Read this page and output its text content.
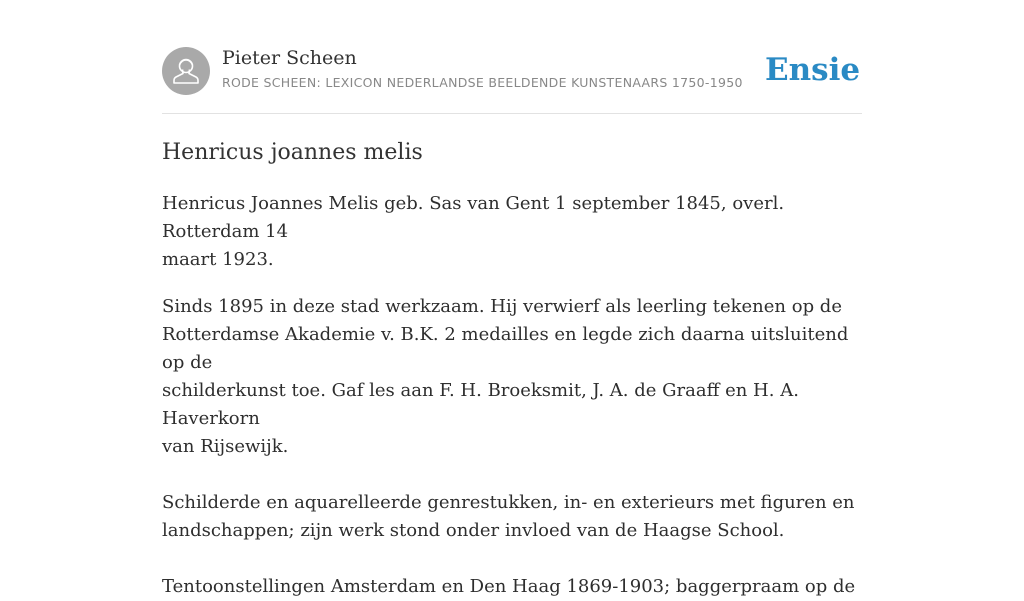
Pieter Scheen
RODE SCHEEN: LEXICON NEDERLANDSE BEELDENDE KUNSTENAARS 1750-1950 Ensie
Henricus joannes melis

Henricus Joannes Melis geb. Sas van Gent 1 september 1845, overl. Rotterdam 14
maart 1923.

Sinds 1895 in deze stad werkzaam. Hij verwierf als leerling tekenen op de
Rotterdamse Akademie v. B.K. 2 medailles en legde zich daarna uitsluitend op de
schilderkunst toe. Gaf les aan F. H. Broeksmit, J. A. de Graaff en H. A. Haverkorn
van Rijsewijk.

Schilderde en aquarelleerde genrestukken, in- en exterieurs met figuren en
landschappen; zijn werk stond onder invloed van de Haagse School.

Tentoonstellingen Amsterdam en Den Haag 1869-1903; baggerpraam op de
